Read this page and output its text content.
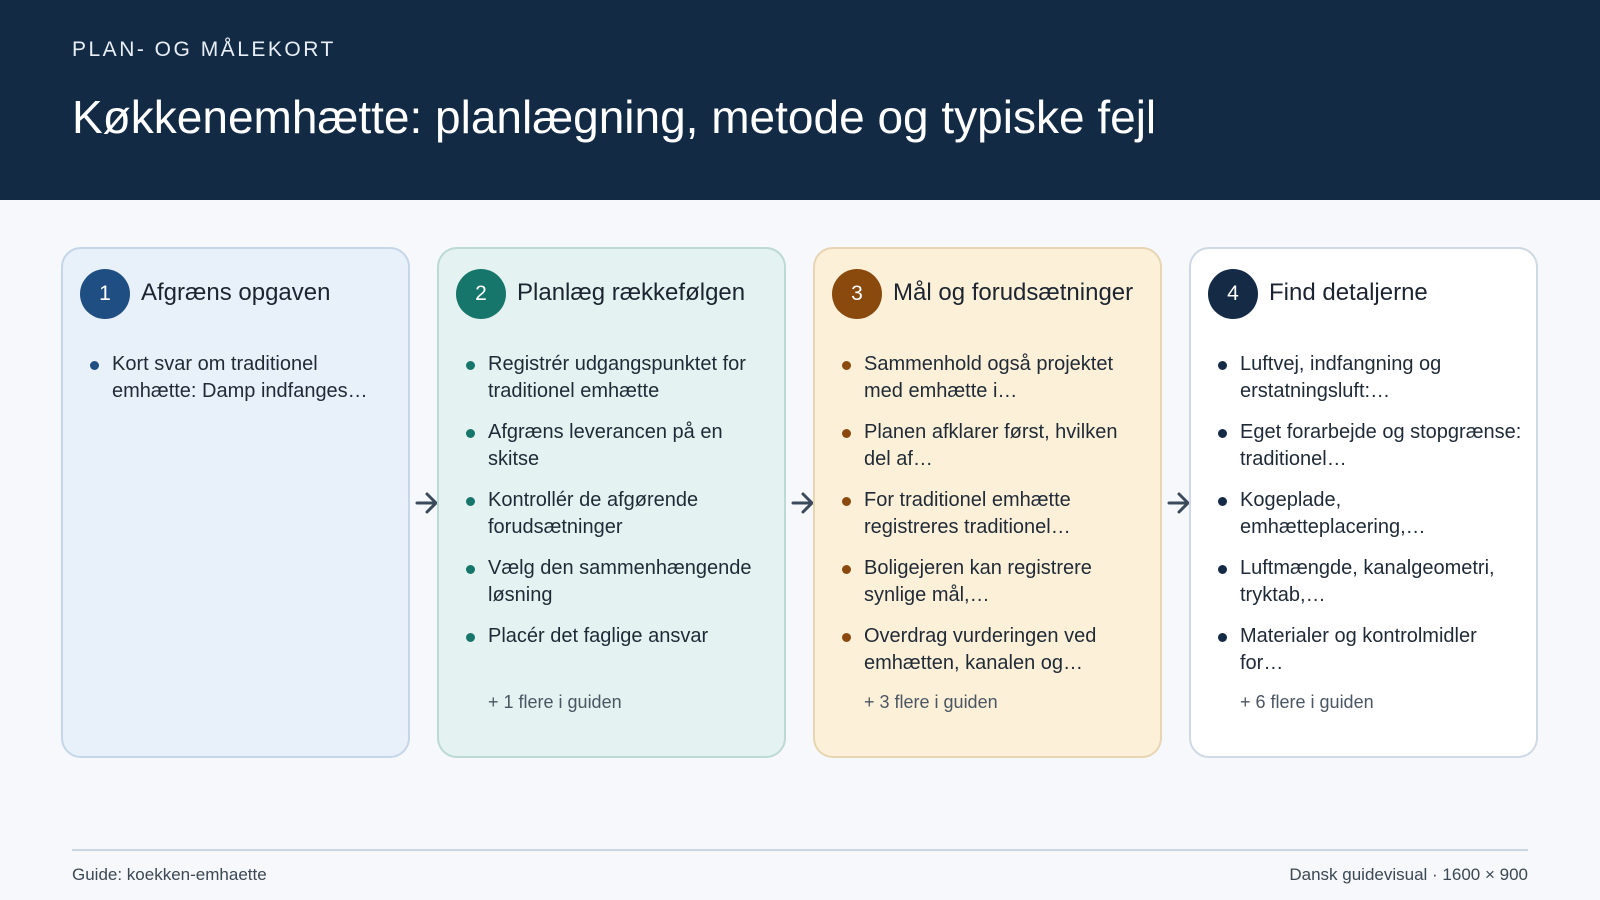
PLAN- OG MÅLEKORT
Køkkenemhætte: planlægning, metode og typiske fejl
1	Afgræns opgaven
Kort svar om traditionel emhætte: Damp indfanges…
2	Planlæg rækkefølgen
Registrér udgangspunktet for traditionel emhætte
Afgræns leverancen på en skitse
Kontrollér de afgørende forudsætninger
Vælg den sammenhængende løsning
Placér det faglige ansvar
+ 1 flere i guiden
3	Mål og forudsætninger
Sammenhold også projektet med emhætte i…
Planen afklarer først, hvilken del af…
For traditionel emhætte registreres traditionel…
Boligejeren kan registrere synlige mål,…
Overdrag vurderingen ved emhætten, kanalen og…
+ 3 flere i guiden
4	Find detaljerne
Luftvej, indfangning og erstatningsluft:…
Eget forarbejde og stopgrænse: traditionel…
Kogeplade, emhætteplacering,…
Luftmængde, kanalgeometri, tryktab,…
Materialer og kontrolmidler for…
+ 6 flere i guiden
Guide: koekken-emhaette	Dansk guidevisual · 1600 × 900
